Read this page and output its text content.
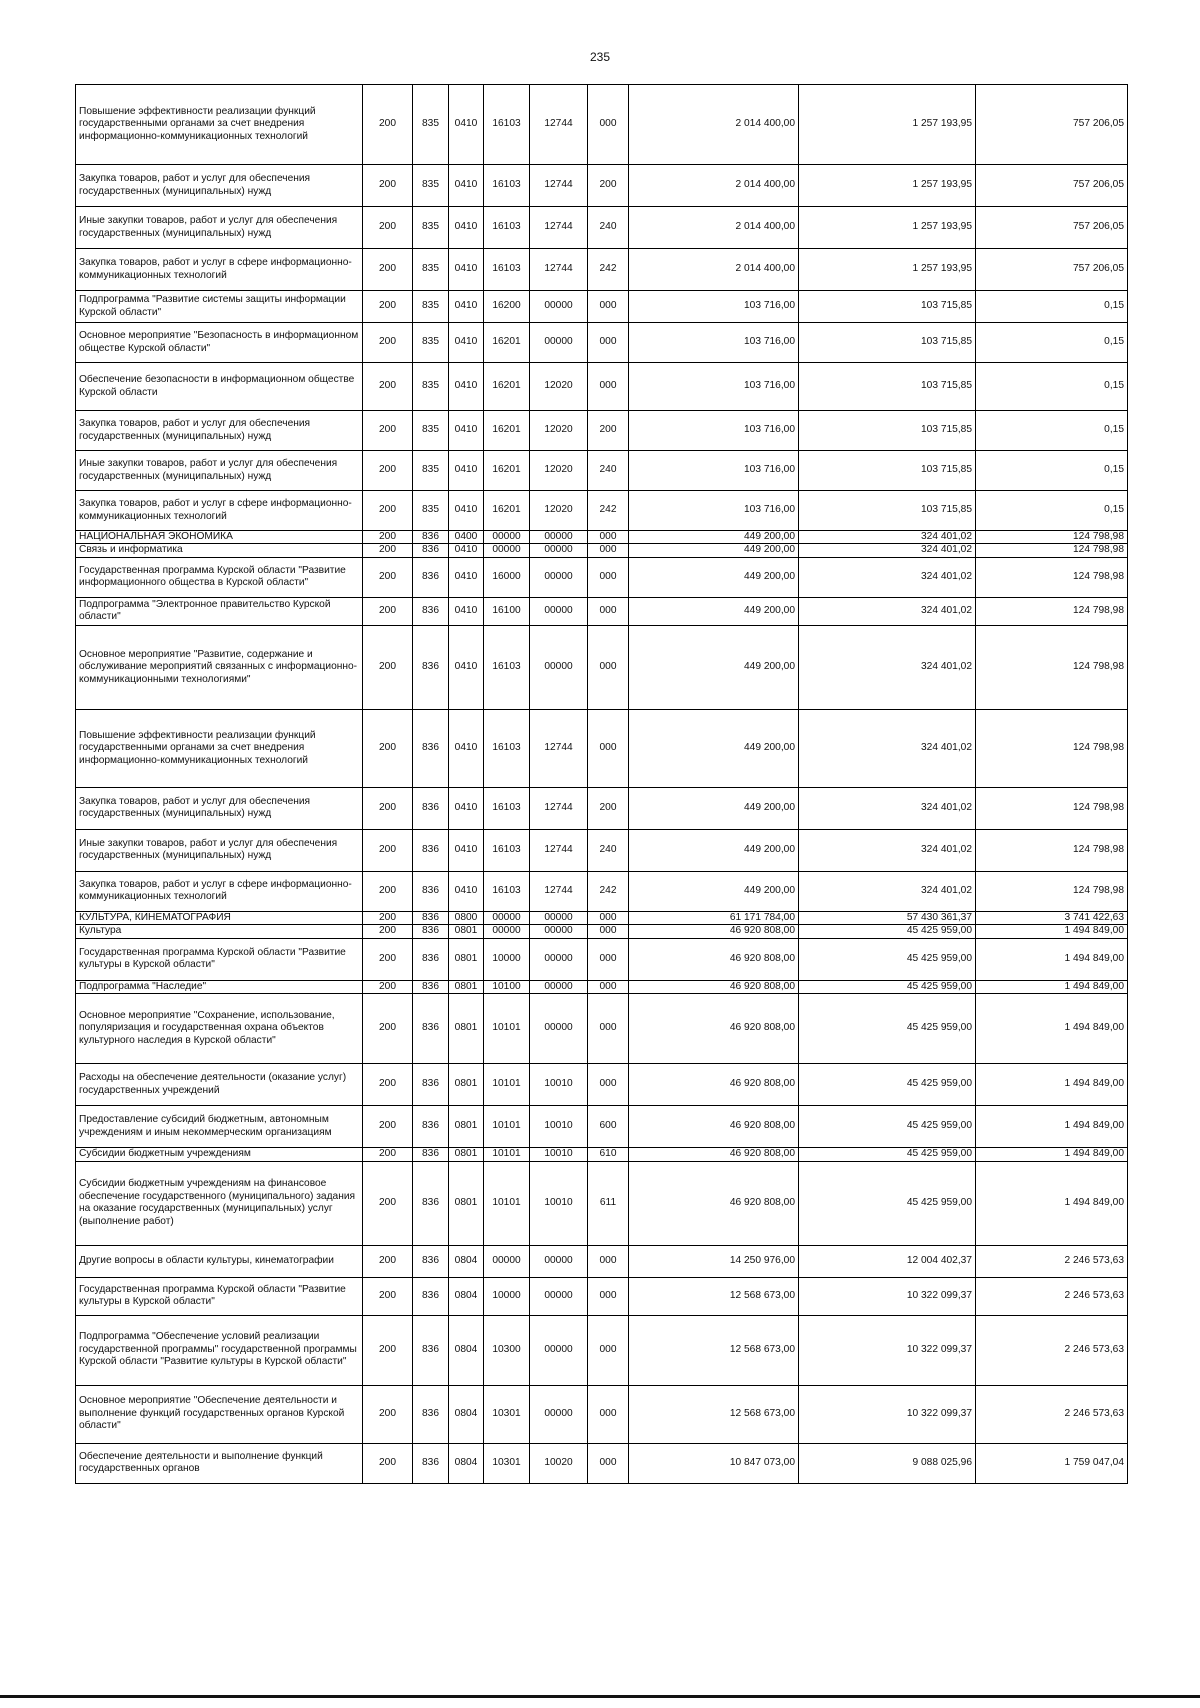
235
Повышение эффективности реализации функций государственными органами за счет внедрения информационно-коммуникационных технологий	200	835	0410	16103	12744	000	2 014 400,00	1 257 193,95	757 206,05
Закупка товаров, работ и услуг для обеспечения государственных (муниципальных) нужд	200	835	0410	16103	12744	200	2 014 400,00	1 257 193,95	757 206,05
Иные закупки товаров, работ и услуг для обеспечения государственных (муниципальных) нужд	200	835	0410	16103	12744	240	2 014 400,00	1 257 193,95	757 206,05
Закупка товаров, работ и услуг в сфере информационно-коммуникационных технологий	200	835	0410	16103	12744	242	2 014 400,00	1 257 193,95	757 206,05
Подпрограмма "Развитие системы защиты информации Курской области"	200	835	0410	16200	00000	000	103 716,00	103 715,85	0,15
Основное мероприятие "Безопасность в информационном обществе Курской области"	200	835	0410	16201	00000	000	103 716,00	103 715,85	0,15
Обеспечение безопасности в информационном обществе Курской области	200	835	0410	16201	12020	000	103 716,00	103 715,85	0,15
Закупка товаров, работ и услуг для обеспечения государственных (муниципальных) нужд	200	835	0410	16201	12020	200	103 716,00	103 715,85	0,15
Иные закупки товаров, работ и услуг для обеспечения государственных (муниципальных) нужд	200	835	0410	16201	12020	240	103 716,00	103 715,85	0,15
Закупка товаров, работ и услуг в сфере информационно-коммуникационных технологий	200	835	0410	16201	12020	242	103 716,00	103 715,85	0,15
НАЦИОНАЛЬНАЯ ЭКОНОМИКА	200	836	0400	00000	00000	000	449 200,00	324 401,02	124 798,98
Связь и информатика	200	836	0410	00000	00000	000	449 200,00	324 401,02	124 798,98
Государственная программа Курской области "Развитие информационного общества в Курской области"	200	836	0410	16000	00000	000	449 200,00	324 401,02	124 798,98
Подпрограмма "Электронное правительство Курской области"	200	836	0410	16100	00000	000	449 200,00	324 401,02	124 798,98
Основное мероприятие "Развитие, содержание и обслуживание мероприятий связанных с информационно-коммуникационными технологиями"	200	836	0410	16103	00000	000	449 200,00	324 401,02	124 798,98
Повышение эффективности реализации функций государственными органами за счет внедрения информационно-коммуникационных технологий	200	836	0410	16103	12744	000	449 200,00	324 401,02	124 798,98
Закупка товаров, работ и услуг для обеспечения государственных (муниципальных) нужд	200	836	0410	16103	12744	200	449 200,00	324 401,02	124 798,98
Иные закупки товаров, работ и услуг для обеспечения государственных (муниципальных) нужд	200	836	0410	16103	12744	240	449 200,00	324 401,02	124 798,98
Закупка товаров, работ и услуг в сфере информационно-коммуникационных технологий	200	836	0410	16103	12744	242	449 200,00	324 401,02	124 798,98
КУЛЬТУРА, КИНЕМАТОГРАФИЯ	200	836	0800	00000	00000	000	61 171 784,00	57 430 361,37	3 741 422,63
Культура	200	836	0801	00000	00000	000	46 920 808,00	45 425 959,00	1 494 849,00
Государственная программа Курской области "Развитие культуры в Курской области"	200	836	0801	10000	00000	000	46 920 808,00	45 425 959,00	1 494 849,00
Подпрограмма "Наследие"	200	836	0801	10100	00000	000	46 920 808,00	45 425 959,00	1 494 849,00
Основное мероприятие "Сохранение, использование, популяризация и государственная охрана объектов культурного наследия в Курской области"	200	836	0801	10101	00000	000	46 920 808,00	45 425 959,00	1 494 849,00
Расходы на обеспечение деятельности (оказание услуг) государственных учреждений	200	836	0801	10101	10010	000	46 920 808,00	45 425 959,00	1 494 849,00
Предоставление субсидий бюджетным, автономным учреждениям и иным некоммерческим организациям	200	836	0801	10101	10010	600	46 920 808,00	45 425 959,00	1 494 849,00
Субсидии бюджетным учреждениям	200	836	0801	10101	10010	610	46 920 808,00	45 425 959,00	1 494 849,00
Субсидии бюджетным учреждениям на финансовое обеспечение государственного (муниципального) задания на оказание государственных (муниципальных) услуг (выполнение работ)	200	836	0801	10101	10010	611	46 920 808,00	45 425 959,00	1 494 849,00
Другие вопросы в области культуры, кинематографии	200	836	0804	00000	00000	000	14 250 976,00	12 004 402,37	2 246 573,63
Государственная программа Курской области "Развитие культуры в Курской области"	200	836	0804	10000	00000	000	12 568 673,00	10 322 099,37	2 246 573,63
Подпрограмма "Обеспечение условий реализации государственной программы" государственной программы Курской области "Развитие культуры в Курской области"	200	836	0804	10300	00000	000	12 568 673,00	10 322 099,37	2 246 573,63
Основное мероприятие "Обеспечение деятельности и выполнение функций государственных органов Курской области"	200	836	0804	10301	00000	000	12 568 673,00	10 322 099,37	2 246 573,63
Обеспечение деятельности и выполнение функций государственных органов	200	836	0804	10301	10020	000	10 847 073,00	9 088 025,96	1 759 047,04
